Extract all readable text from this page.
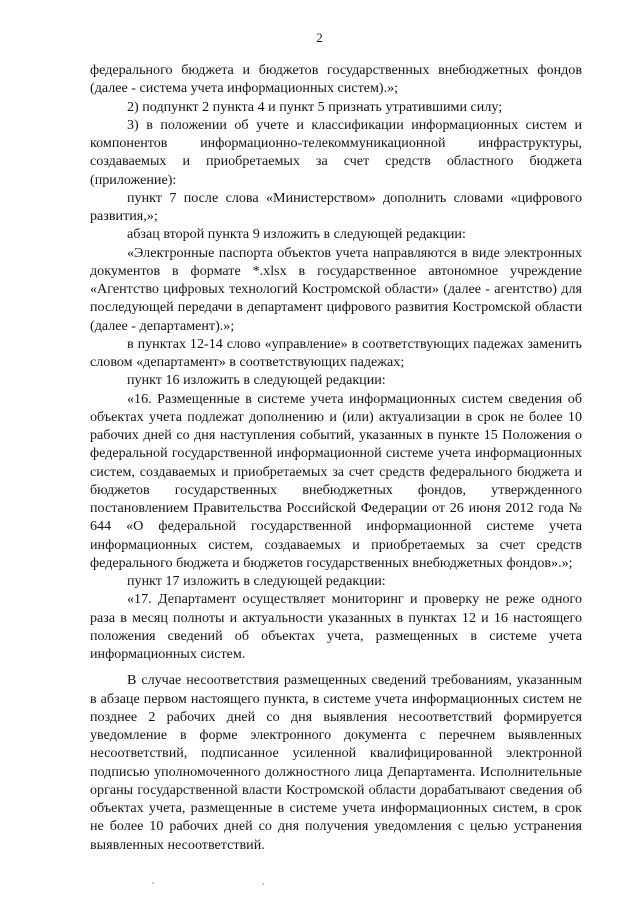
2

федерального бюджета и бюджетов государственных внебюджетных фондов (далее - система учета информационных систем).»;

2) подпункт 2 пункта 4 и пункт 5 признать утратившими силу;

3) в положении об учете и классификации информационных систем и компонентов информационно-телекоммуникационной инфраструктуры, создаваемых и приобретаемых за счет средств областного бюджета (приложение):

пункт 7 после слова «Министерством» дополнить словами «цифрового развития,»;

абзац второй пункта 9 изложить в следующей редакции:

«Электронные паспорта объектов учета направляются в виде электронных документов в формате *.xlsx в государственное автономное учреждение «Агентство цифровых технологий Костромской области» (далее - агентство) для последующей передачи в департамент цифрового развития Костромской области (далее - департамент).»;

в пунктах 12-14 слово «управление» в соответствующих падежах заменить словом «департамент» в соответствующих падежах;

пункт 16 изложить в следующей редакции:

«16. Размещенные в системе учета информационных систем сведения об объектах учета подлежат дополнению и (или) актуализации в срок не более 10 рабочих дней со дня наступления событий, указанных в пункте 15 Положения о федеральной государственной информационной системе учета информационных систем, создаваемых и приобретаемых за счет средств федерального бюджета и бюджетов государственных внебюджетных фондов, утвержденного постановлением Правительства Российской Федерации от 26 июня 2012 года № 644 «О федеральной государственной информационной системе учета информационных систем, создаваемых и приобретаемых за счет средств федерального бюджета и бюджетов государственных внебюджетных фондов».»;

пункт 17 изложить в следующей редакции:

«17. Департамент осуществляет мониторинг и проверку не реже одного раза в месяц полноты и актуальности указанных в пунктах 12 и 16 настоящего положения сведений об объектах учета, размещенных в системе учета информационных систем.

В случае несоответствия размещенных сведений требованиям, указанным в абзаце первом настоящего пункта, в системе учета информационных систем не позднее 2 рабочих дней со дня выявления несоответствий формируется уведомление в форме электронного документа с перечнем выявленных несоответствий, подписанное усиленной квалифицированной электронной подписью уполномоченного должностного лица Департамента. Исполнительные органы государственной власти Костромской области дорабатывают сведения об объектах учета, размещенные в системе учета информационных систем, в срок не более 10 рабочих дней со дня получения уведомления с целью устранения выявленных несоответствий.
